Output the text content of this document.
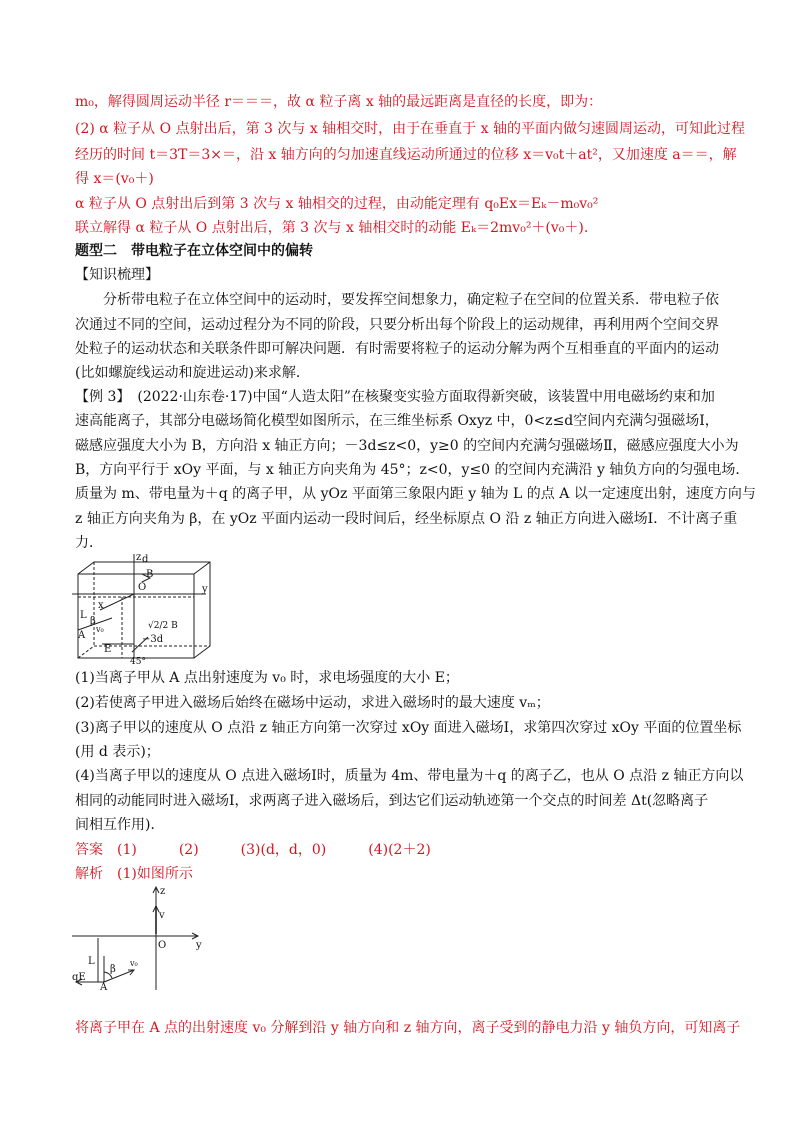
m₀，解得圆周运动半径 r＝＝＝，故 α 粒子离 x 轴的最远距离是直径的长度，即为：
(2) α 粒子从 O 点射出后，第 3 次与 x 轴相交时，由于在垂直于 x 轴的平面内做匀速圆周运动，可知此过程
经历的时间 t＝3T＝3×＝，沿 x 轴方向的匀加速直线运动所通过的位移 x＝v₀t＋at²，又加速度 a＝＝，解
得 x＝(v₀＋)
α 粒子从 O 点射出后到第 3 次与 x 轴相交的过程，由动能定理有 q₀Ex＝Eₖ－m₀v₀²
联立解得 α 粒子从 O 点射出后，第 3 次与 x 轴相交时的动能 Eₖ＝2mv₀²＋(v₀＋).
题型二　带电粒子在立体空间中的偏转
【知识梳理】
　　分析带电粒子在立体空间中的运动时，要发挥空间想象力，确定粒子在空间的位置关系．带电粒子依
次通过不同的空间，运动过程分为不同的阶段，只要分析出每个阶段上的运动规律，再利用两个空间交界
处粒子的运动状态和关联条件即可解决问题．有时需要将粒子的运动分解为两个互相垂直的平面内的运动
(比如螺旋线运动和旋进运动)来求解．
【例 3】　(2022·山东卷·17)中国“人造太阳”在核聚变实验方面取得新突破，该装置中用电磁场约束和加
速高能离子，其部分电磁场简化模型如图所示，在三维坐标系 Oxyz 中，0<z≤d空间内充满匀强磁场Ⅰ，
磁感应强度大小为 B，方向沿 x 轴正方向；－3d≤z<0，y≥0 的空间内充满匀强磁场Ⅱ，磁感应强度大小为
B，方向平行于 xOy 平面，与 x 轴正方向夹角为 45°；z<0，y≤0 的空间内充满沿 y 轴负方向的匀强电场．
质量为 m、带电量为＋q 的离子甲，从 yOz 平面第三象限内距 y 轴为 L 的点 A 以一定速度出射，速度方向与
z 轴正方向夹角为 β，在 yOz 平面内运动一段时间后，经坐标原点 O 沿 z 轴正方向进入磁场Ⅰ．不计离子重
力．
z d
B
O	y
x
L
β
A
v₀
E
√2/2 B
−3d
45°
(1)当离子甲从 A 点出射速度为 v₀ 时，求电场强度的大小 E；
(2)若使离子甲进入磁场后始终在磁场中运动，求进入磁场时的最大速度 vₘ；
(3)离子甲以的速度从 O 点沿 z 轴正方向第一次穿过 xOy 面进入磁场Ⅰ，求第四次穿过 xOy 平面的位置坐标
(用 d 表示)；
(4)当离子甲以的速度从 O 点进入磁场Ⅰ时，质量为 4m、带电量为＋q 的离子乙，也从 O 点沿 z 轴正方向以
相同的动能同时进入磁场Ⅰ，求两离子进入磁场后，到达它们运动轨迹第一个交点的时间差 Δt(忽略离子
间相互作用)．
答案　(1)　　　(2)　　　(3)(d，d，0)　　　(4)(2＋2)
解析　(1)如图所示
z
v
O	y
L
β
v₀
qE
A
将离子甲在 A 点的出射速度 v₀ 分解到沿 y 轴方向和 z 轴方向，离子受到的静电力沿 y 轴负方向，可知离子
